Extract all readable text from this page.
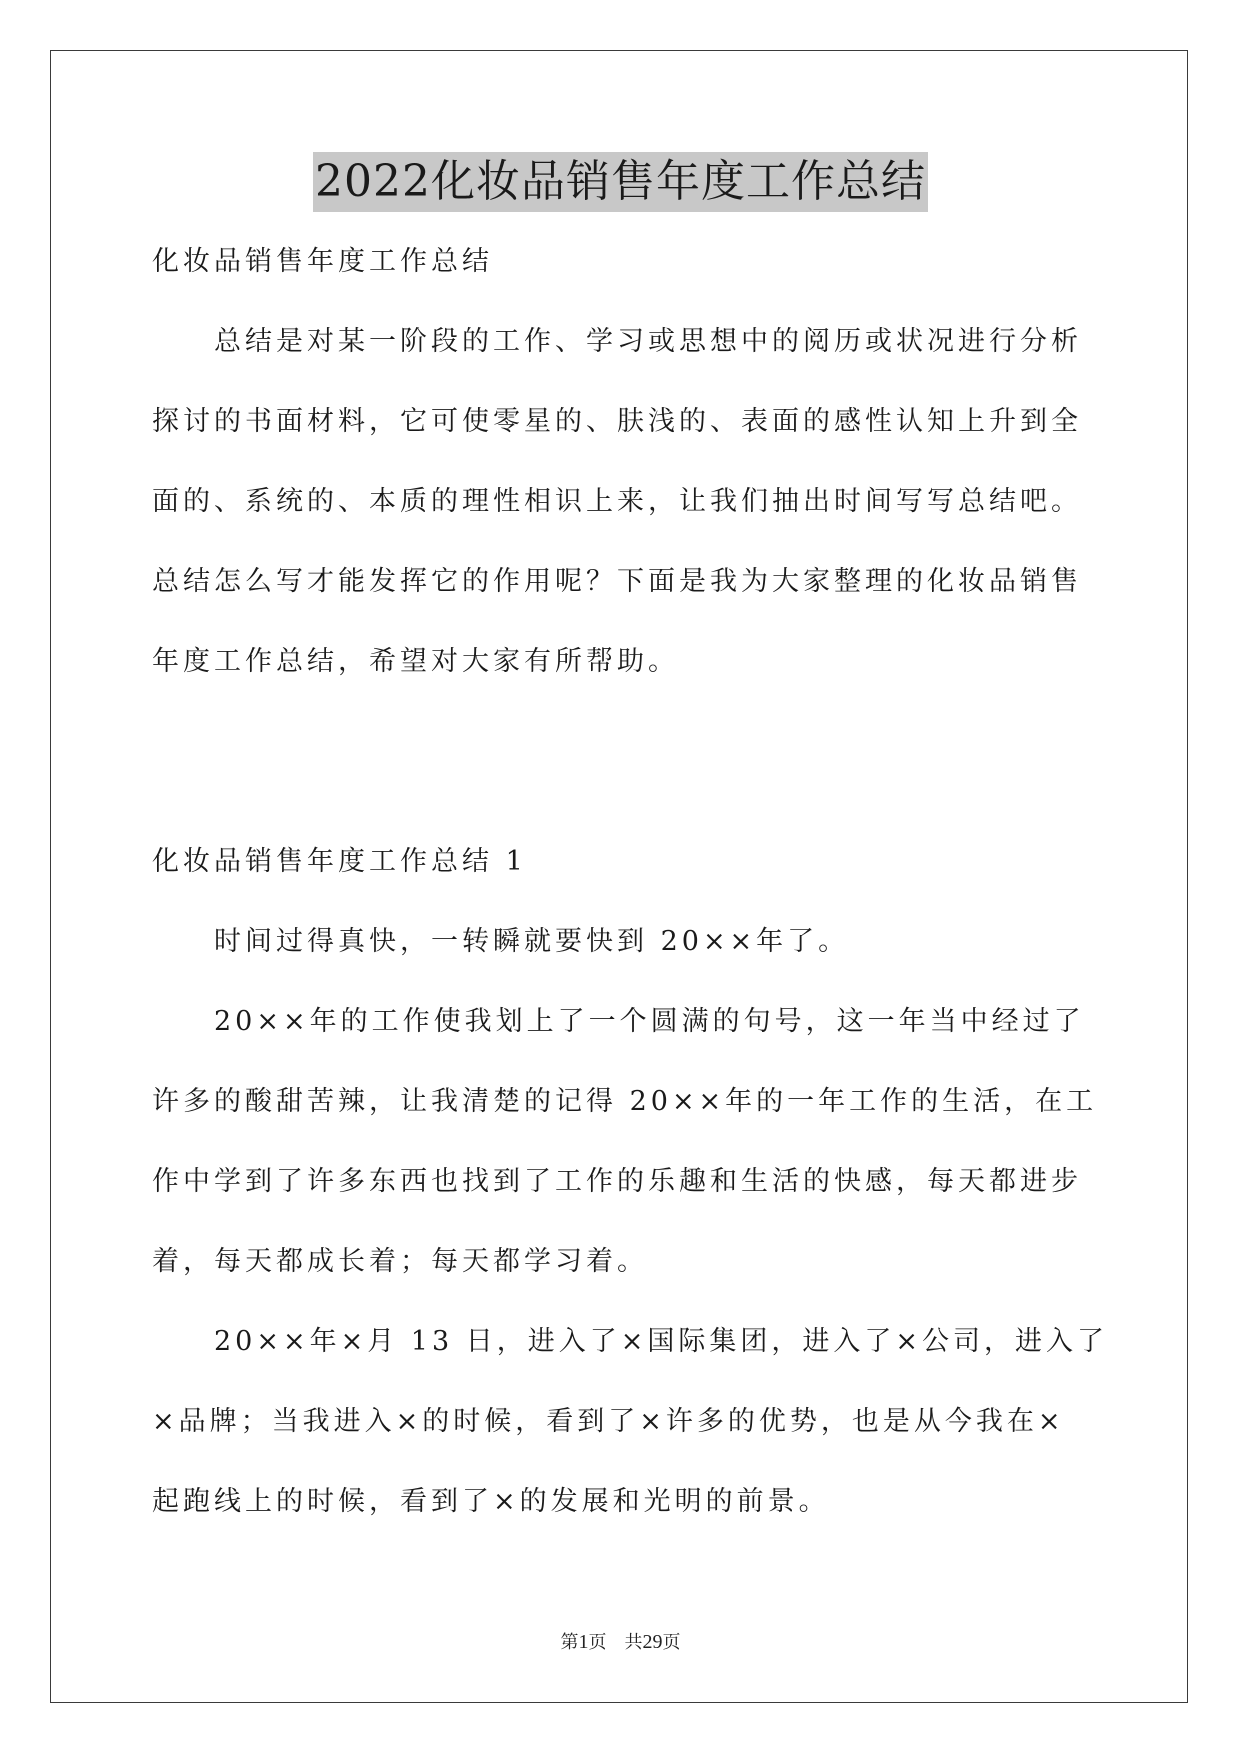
2022化妆品销售年度工作总结
化妆品销售年度工作总结
总结是对某一阶段的工作、学习或思想中的阅历或状况进行分析
探讨的书面材料，它可使零星的、肤浅的、表面的感性认知上升到全
面的、系统的、本质的理性相识上来，让我们抽出时间写写总结吧。
总结怎么写才能发挥它的作用呢？下面是我为大家整理的化妆品销售
年度工作总结，希望对大家有所帮助。
化妆品销售年度工作总结 1
时间过得真快，一转瞬就要快到 20××年了。
20××年的工作使我划上了一个圆满的句号，这一年当中经过了
许多的酸甜苦辣，让我清楚的记得 20××年的一年工作的生活，在工
作中学到了许多东西也找到了工作的乐趣和生活的快感，每天都进步
着，每天都成长着；每天都学习着。
20××年×月 13 日，进入了×国际集团，进入了×公司，进入了
×品牌；当我进入×的时候，看到了×许多的优势，也是从今我在×
起跑线上的时候，看到了×的发展和光明的前景。
第1页 共29页
